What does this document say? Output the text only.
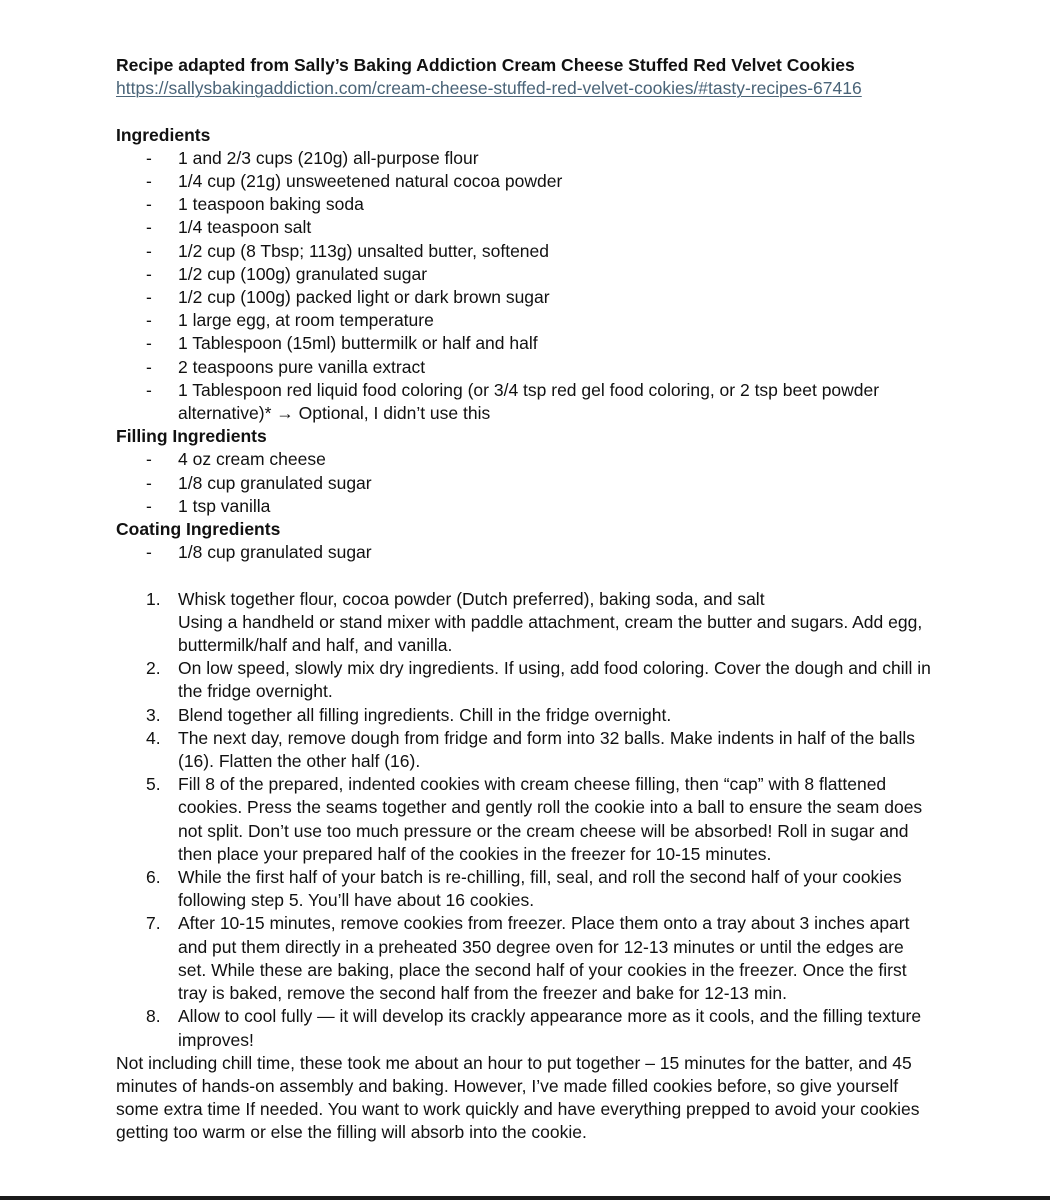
Recipe adapted from Sally’s Baking Addiction Cream Cheese Stuffed Red Velvet Cookies

https://sallysbakingaddiction.com/cream-cheese-stuffed-red-velvet-cookies/#tasty-recipes-67416

Ingredients

- 1 and 2/3 cups (210g) all-purpose flour
- 1/4 cup (21g) unsweetened natural cocoa powder
- 1 teaspoon baking soda
- 1/4 teaspoon salt
- 1/2 cup (8 Tbsp; 113g) unsalted butter, softened
- 1/2 cup (100g) granulated sugar
- 1/2 cup (100g) packed light or dark brown sugar
- 1 large egg, at room temperature
- 1 Tablespoon (15ml) buttermilk or half and half
- 2 teaspoons pure vanilla extract
- 1 Tablespoon red liquid food coloring (or 3/4 tsp red gel food coloring, or 2 tsp beet powder alternative)* → Optional, I didn’t use this

Filling Ingredients

- 4 oz cream cheese
- 1/8 cup granulated sugar
- 1 tsp vanilla

Coating Ingredients

- 1/8 cup granulated sugar
1. Whisk together flour, cocoa powder (Dutch preferred), baking soda, and salt
Using a handheld or stand mixer with paddle attachment, cream the butter and sugars. Add egg, buttermilk/half and half, and vanilla.
2. On low speed, slowly mix dry ingredients. If using, add food coloring. Cover the dough and chill in the fridge overnight.
3. Blend together all filling ingredients. Chill in the fridge overnight.
4. The next day, remove dough from fridge and form into 32 balls. Make indents in half of the balls (16). Flatten the other half (16).
5. Fill 8 of the prepared, indented cookies with cream cheese filling, then “cap” with 8 flattened cookies. Press the seams together and gently roll the cookie into a ball to ensure the seam does not split. Don’t use too much pressure or the cream cheese will be absorbed! Roll in sugar and then place your prepared half of the cookies in the freezer for 10-15 minutes.
6. While the first half of your batch is re-chilling, fill, seal, and roll the second half of your cookies following step 5. You’ll have about 16 cookies.
7. After 10-15 minutes, remove cookies from freezer. Place them onto a tray about 3 inches apart and put them directly in a preheated 350 degree oven for 12-13 minutes or until the edges are set. While these are baking, place the second half of your cookies in the freezer. Once the first tray is baked, remove the second half from the freezer and bake for 12-13 min.
8. Allow to cool fully — it will develop its crackly appearance more as it cools, and the filling texture improves!

Not including chill time, these took me about an hour to put together – 15 minutes for the batter, and 45 minutes of hands-on assembly and baking. However, I’ve made filled cookies before, so give yourself some extra time If needed. You want to work quickly and have everything prepped to avoid your cookies getting too warm or else the filling will absorb into the cookie.
